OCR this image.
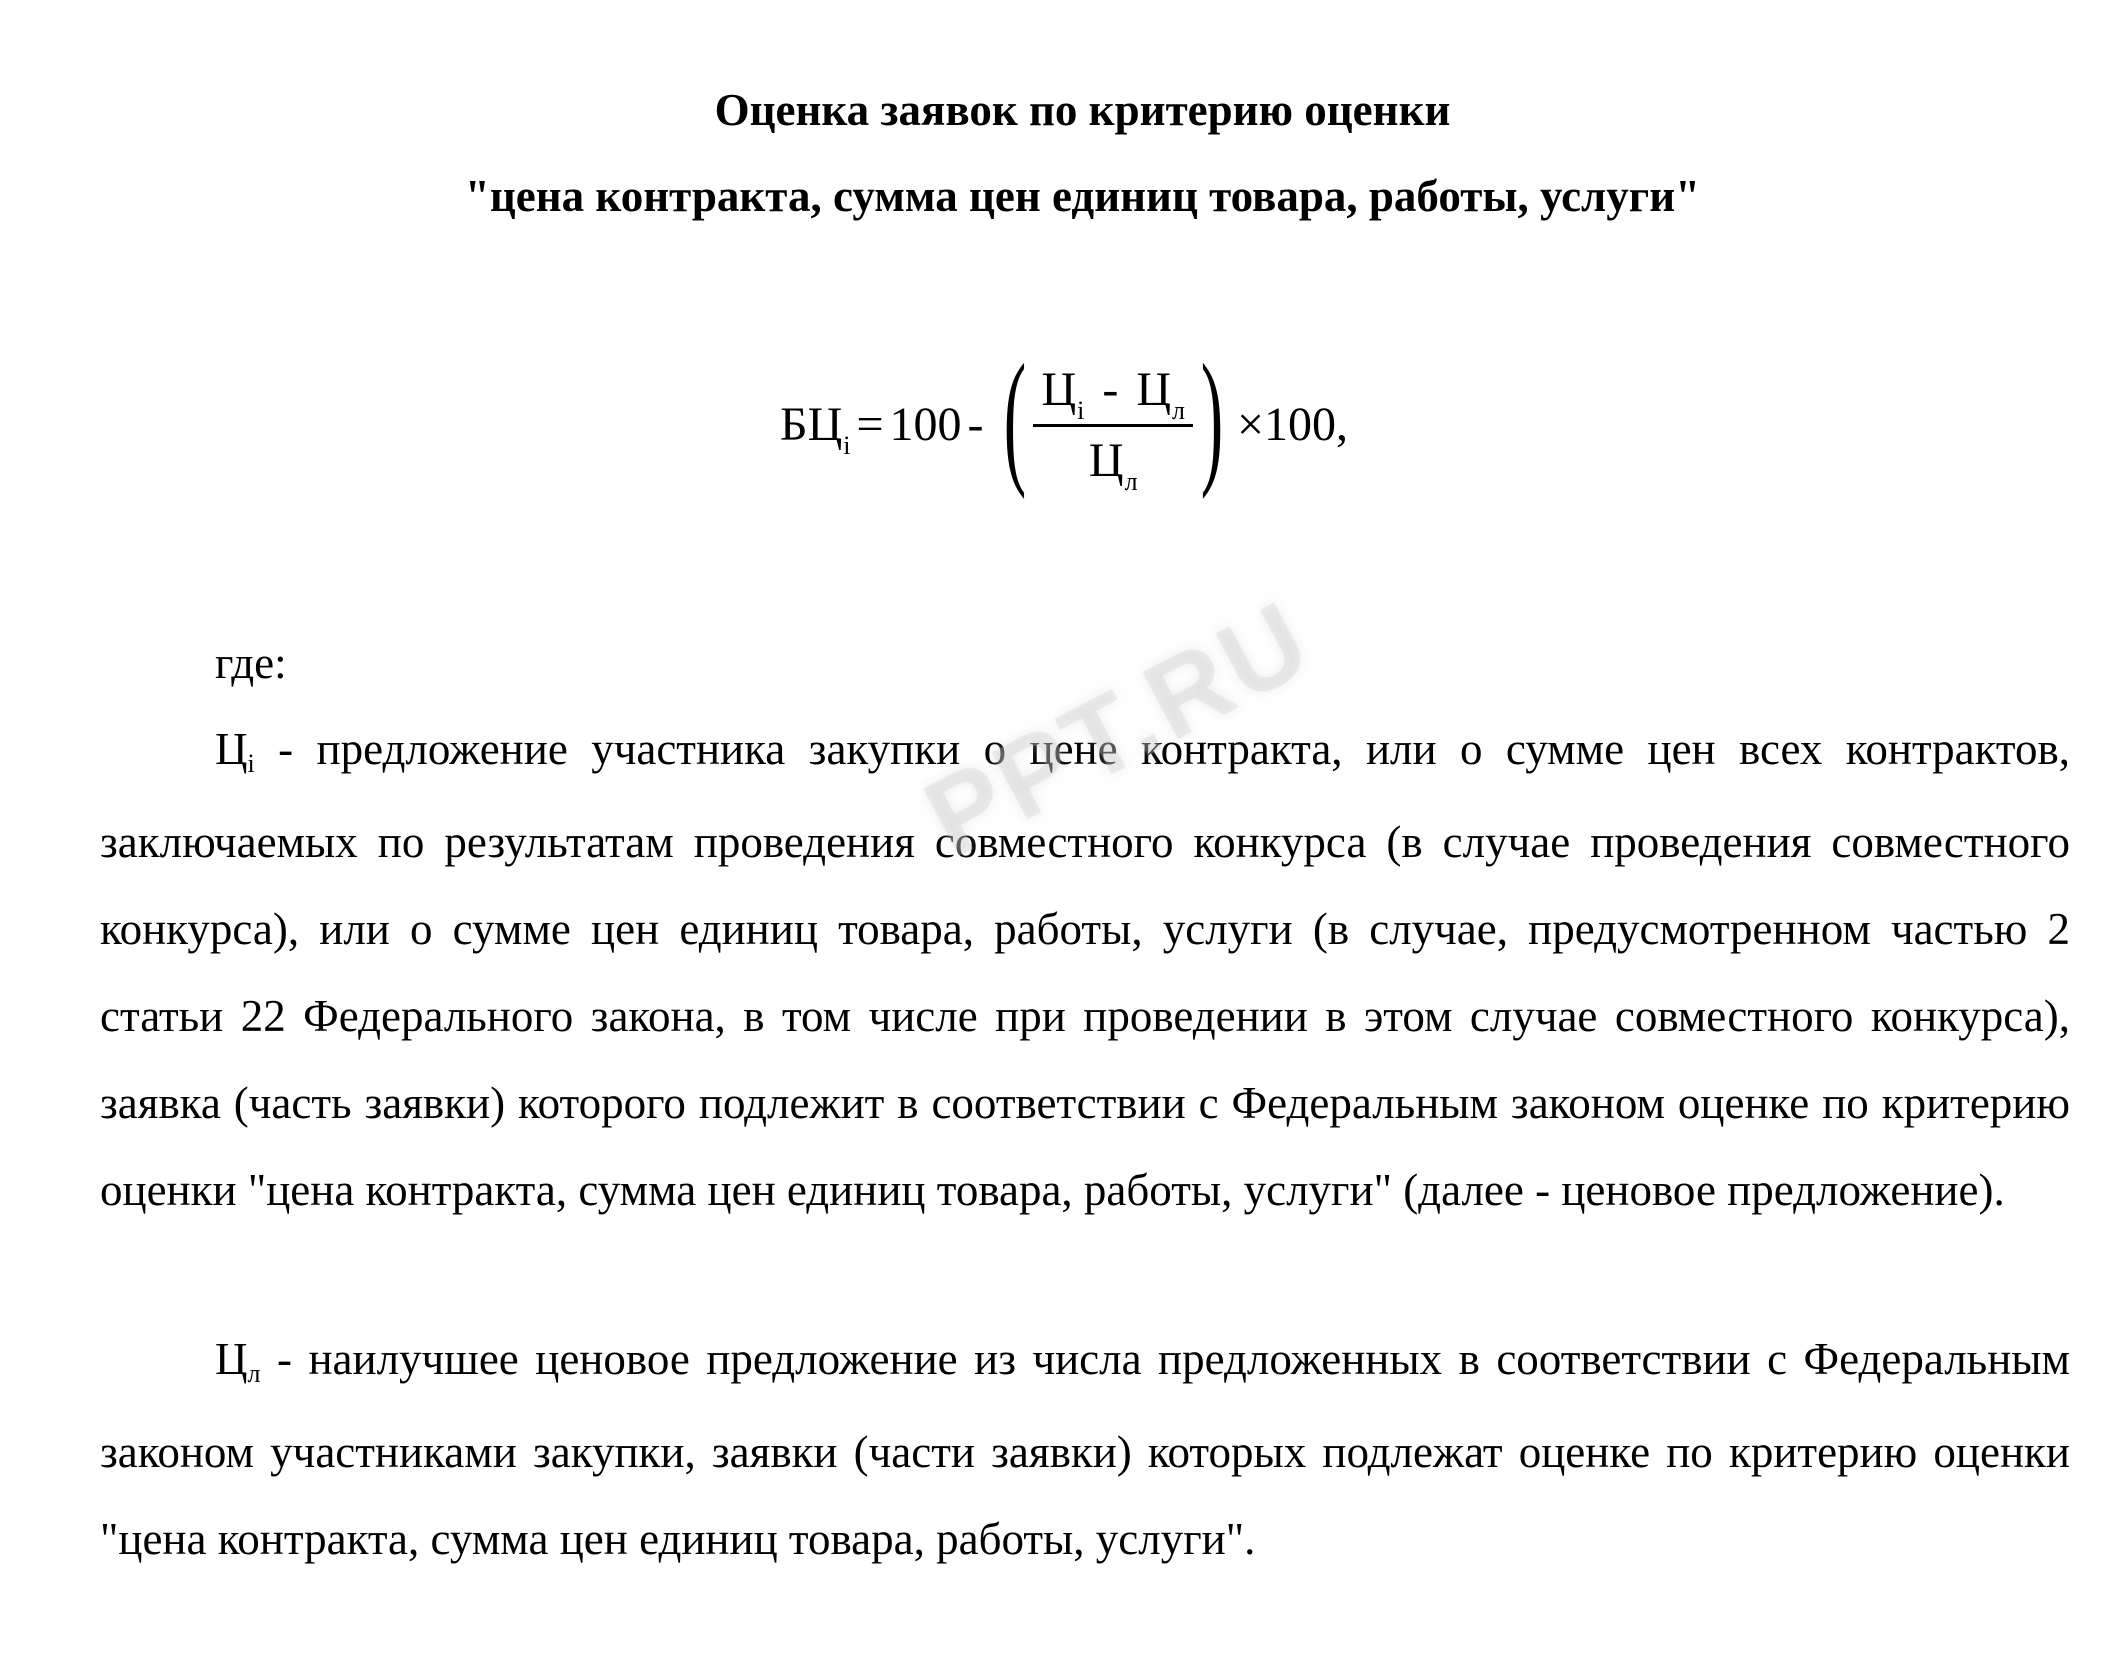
Оценка заявок по критерию оценки
"цена контракта, сумма цен единиц товара, работы, услуги"
$БЦ_i = 100$ - ( $\frac{Ц_i - Ц_л}{Ц_л}$ ) ×100,
где:

Цi - предложение участника закупки о цене контракта, или о сумме цен всех контрактов, заключаемых по результатам проведения совместного конкурса (в случае проведения совместного конкурса), или о сумме цен единиц товара, работы, услуги (в случае, предусмотренном частью 2 статьи 22 Федерального закона, в том числе при проведении в этом случае совместного конкурса), заявка (часть заявки) которого подлежит в соответствии с Федеральным законом оценке по критерию оценки "цена контракта, сумма цен единиц товара, работы, услуги" (далее - ценовое предложение).

Цл - наилучшее ценовое предложение из числа предложенных в соответствии с Федеральным законом участниками закупки, заявки (части заявки) которых подлежат оценке по критерию оценки "цена контракта, сумма цен единиц товара, работы, услуги".

PPT.RU
